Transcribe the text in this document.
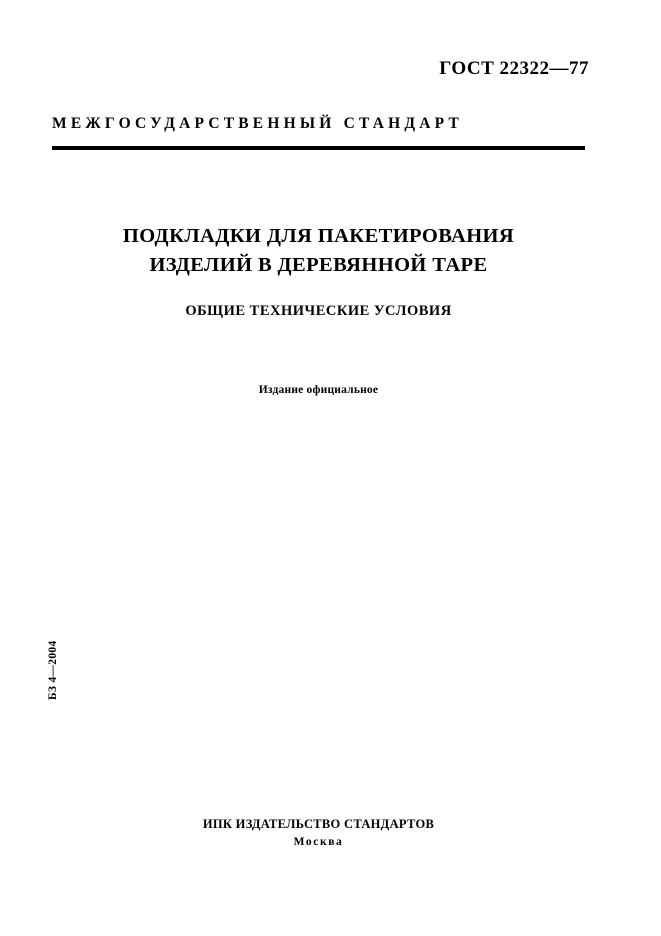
ГОСТ 22322—77
МЕЖГОСУДАРСТВЕННЫЙ СТАНДАРТ
ПОДКЛАДКИ ДЛЯ ПАКЕТИРОВАНИЯ
ИЗДЕЛИЙ В ДЕРЕВЯННОЙ ТАРЕ
ОБЩИЕ ТЕХНИЧЕСКИЕ УСЛОВИЯ
Издание официальное
БЗ 4—2004
ИПК ИЗДАТЕЛЬСТВО СТАНДАРТОВ
Москва
